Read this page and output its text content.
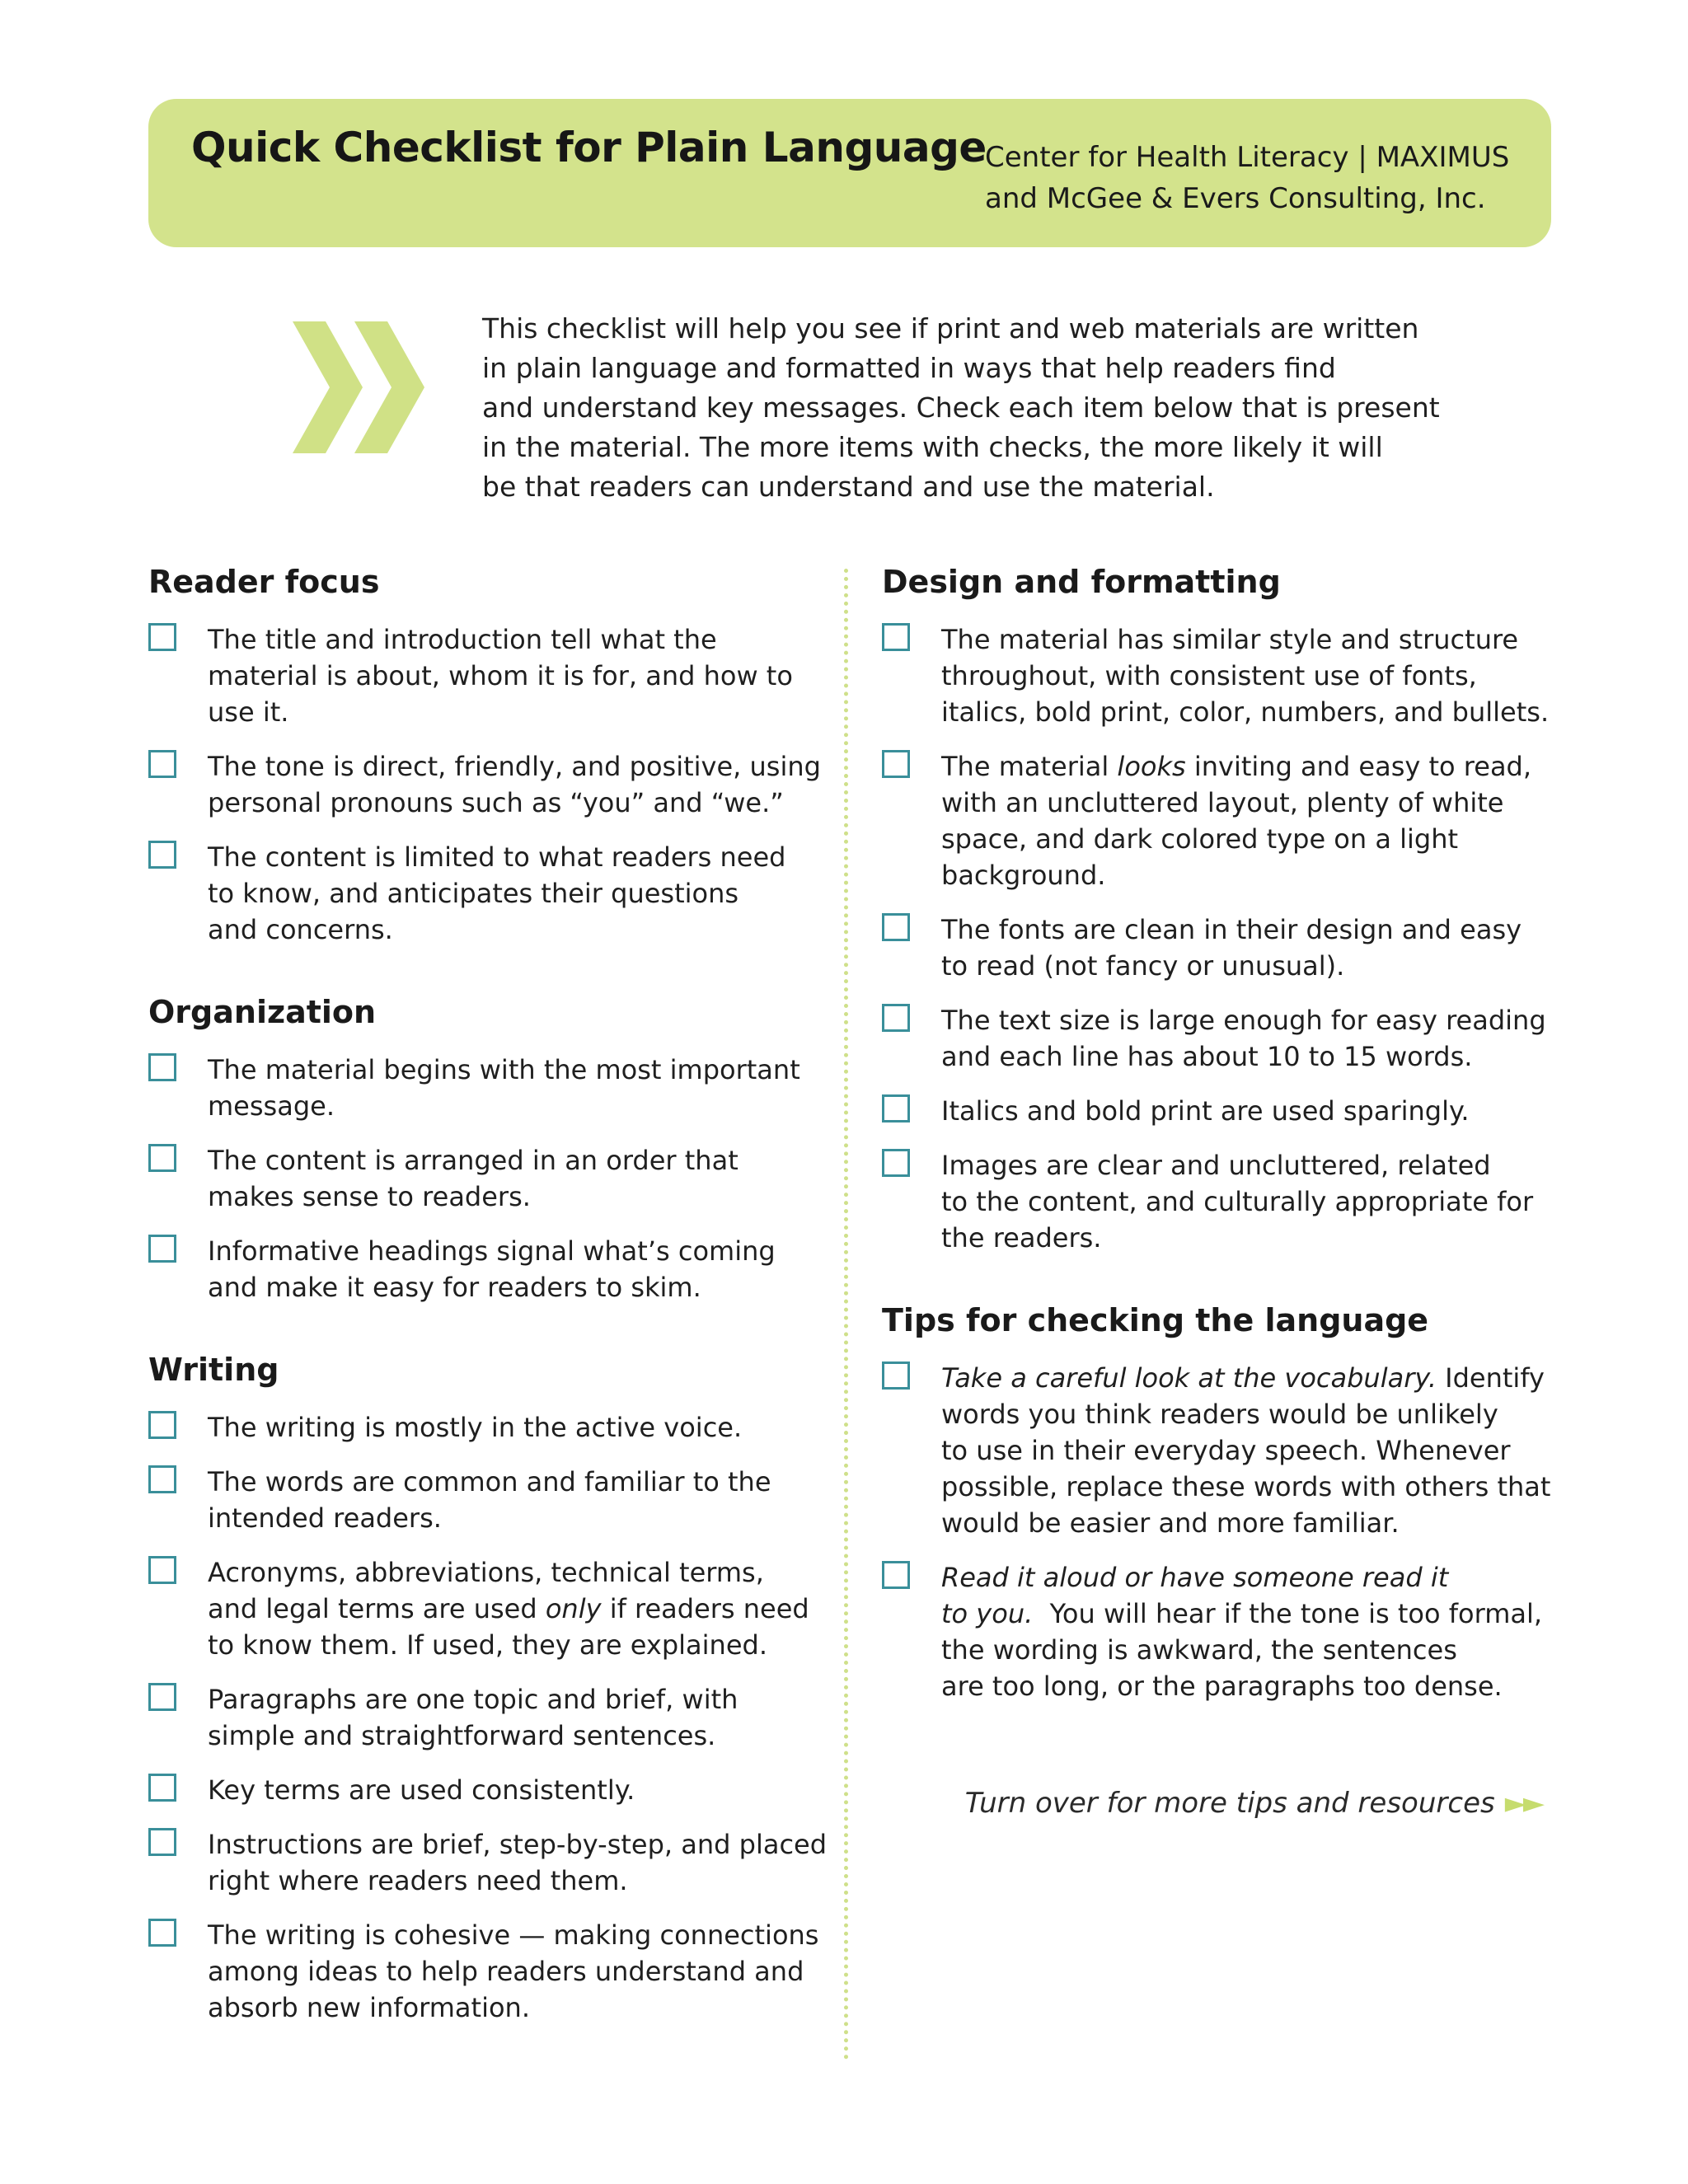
Quick Checklist for Plain Language
Center for Health Literacy | MAXIMUS
and McGee & Evers Consulting, Inc.
This checklist will help you see if print and web materials are written
in plain language and formatted in ways that help readers find
and understand key messages. Check each item below that is present
in the material. The more items with checks, the more likely it will
be that readers can understand and use the material.
Reader focus
The title and introduction tell what the
material is about, whom it is for, and how to
use it.
The tone is direct, friendly, and positive, using
personal pronouns such as “you” and “we.”
The content is limited to what readers need
to know, and anticipates their questions
and concerns.
Organization
The material begins with the most important
message.
The content is arranged in an order that
makes sense to readers.
Informative headings signal what’s coming
and make it easy for readers to skim.
Writing
The writing is mostly in the active voice.
The words are common and familiar to the
intended readers.
Acronyms, abbreviations, technical terms,
and legal terms are used only if readers need
to know them. If used, they are explained.
Paragraphs are one topic and brief, with
simple and straightforward sentences.
Key terms are used consistently.
Instructions are brief, step-by-step, and placed
right where readers need them.
The writing is cohesive — making connections
among ideas to help readers understand and
absorb new information.
Design and formatting
The material has similar style and structure
throughout, with consistent use of fonts,
italics, bold print, color, numbers, and bullets.
The material looks inviting and easy to read,
with an uncluttered layout, plenty of white
space, and dark colored type on a light
background.
The fonts are clean in their design and easy
to read (not fancy or unusual).
The text size is large enough for easy reading
and each line has about 10 to 15 words.
Italics and bold print are used sparingly.
Images are clear and uncluttered, related
to the content, and culturally appropriate for
the readers.
Tips for checking the language
Take a careful look at the vocabulary. Identify
words you think readers would be unlikely
to use in their everyday speech. Whenever
possible, replace these words with others that
would be easier and more familiar.
Read it aloud or have someone read it
to you.  You will hear if the tone is too formal,
the wording is awkward, the sentences
are too long, or the paragraphs too dense.
Turn over for more tips and resources ►►
